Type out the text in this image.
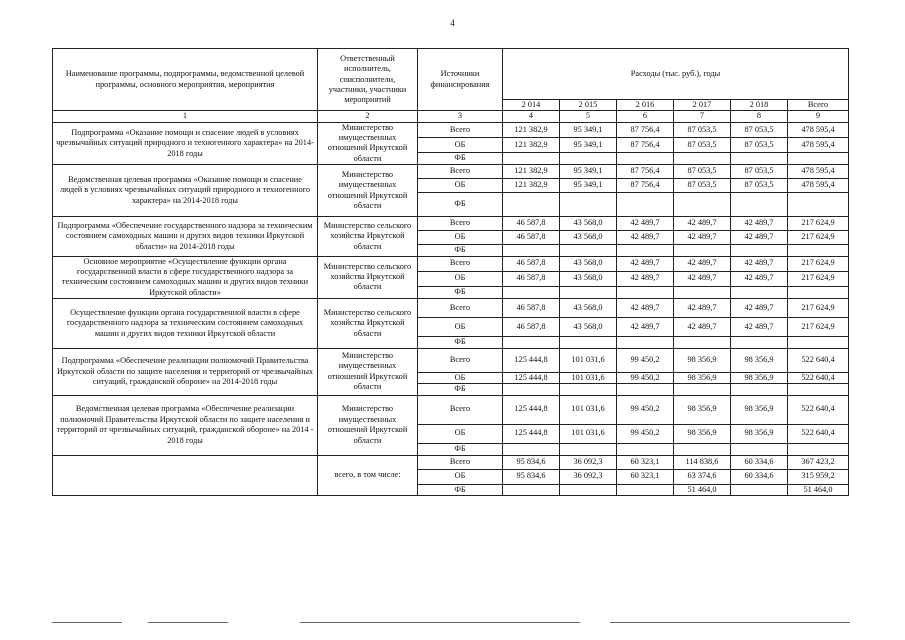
4
Наименование программы, подпрограммы, ведомственной целевой программы, основного мероприятия, мероприятия	Ответственный исполнитель, соисполнители, участники, участники мероприятий	Источники финансирования	Расходы (тыс. руб.), годы					
			2 014	2 015	2 016	2 017	2 018	Всего
1	2	3	4	5	6	7	8	9
Подпрограмма «Оказание помощи и спасение людей в условиях чрезвычайных ситуаций природного и техногенного характера» на 2014-2018 годы	Министерство имущественных отношений Иркутской области	Всего	121 382,9	95 349,1	87 756,4	87 053,5	87 053,5	478 595,4
		ОБ	121 382,9	95 349,1	87 756,4	87 053,5	87 053,5	478 595,4
		ФБ						
Ведомственная целевая программа «Оказание помощи и спасение людей в условиях чрезвычайных ситуаций природного и техногенного характера» на 2014-2018 годы	Министерство имущественных отношений Иркутской области	Всего	121 382,9	95 349,1	87 756,4	87 053,5	87 053,5	478 595,4
		ОБ	121 382,9	95 349,1	87 756,4	87 053,5	87 053,5	478 595,4
		ФБ						
Подпрограмма «Обеспечение государственного надзора за техническим состоянием самоходных машин и других видов техники Иркутской области» на 2014-2018 годы	Министерство сельского хозяйства Иркутской области	Всего	46 587,8	43 568,0	42 489,7	42 489,7	42 489,7	217 624,9
		ОБ	46 587,8	43 568,0	42 489,7	42 489,7	42 489,7	217 624,9
		ФБ						
Основное мероприятие «Осуществление функции органа государственной власти в сфере государственного надзора за техническим состоянием самоходных машин и других видов техники Иркутской области»	Министерство сельского хозяйства Иркутской области	Всего	46 587,8	43 568,0	42 489,7	42 489,7	42 489,7	217 624,9
		ОБ	46 587,8	43 568,0	42 489,7	42 489,7	42 489,7	217 624,9
		ФБ						
Осуществление функции органа государственной власти в сфере государственного надзора за техническим состоянием самоходных машин и других видов техники Иркутской области	Министерство сельского хозяйства Иркутской области	Всего	46 587,8	43 568,0	42 489,7	42 489,7	42 489,7	217 624,9
		ОБ	46 587,8	43 568,0	42 489,7	42 489,7	42 489,7	217 624,9
		ФБ						
Подпрограмма «Обеспечение реализации полномочий Правительства Иркутской области по защите населения и территорий от чрезвычайных ситуаций, гражданской обороне» на 2014-2018 годы	Министерство имущественных отношений Иркутской области	Всего	125 444,8	101 031,6	99 450,2	98 356,9	98 356,9	522 640,4
		ОБ	125 444,8	101 031,6	99 450,2	98 356,9	98 356,9	522 640,4
		ФБ						
Ведомственная целевая программа «Обеспечение реализации полномочий Правительства Иркутской области по защите населения и территорий от чрезвычайных ситуаций, гражданской обороне» на 2014 - 2018 годы	Министерство имущественных отношений Иркутской области	Всего	125 444,8	101 031,6	99 450,2	98 356,9	98 356,9	522 640,4
		ОБ	125 444,8	101 031,6	99 450,2	98 356,9	98 356,9	522 640,4
		ФБ						
	всего, в том числе:	Всего	95 834,6	36 092,3	60 323,1	114 838,6	60 334,6	367 423,2
		ОБ	95 834,6	36 092,3	60 323,1	63 374,6	60 334,6	315 959,2
		ФБ				51 464,0		51 464,0
